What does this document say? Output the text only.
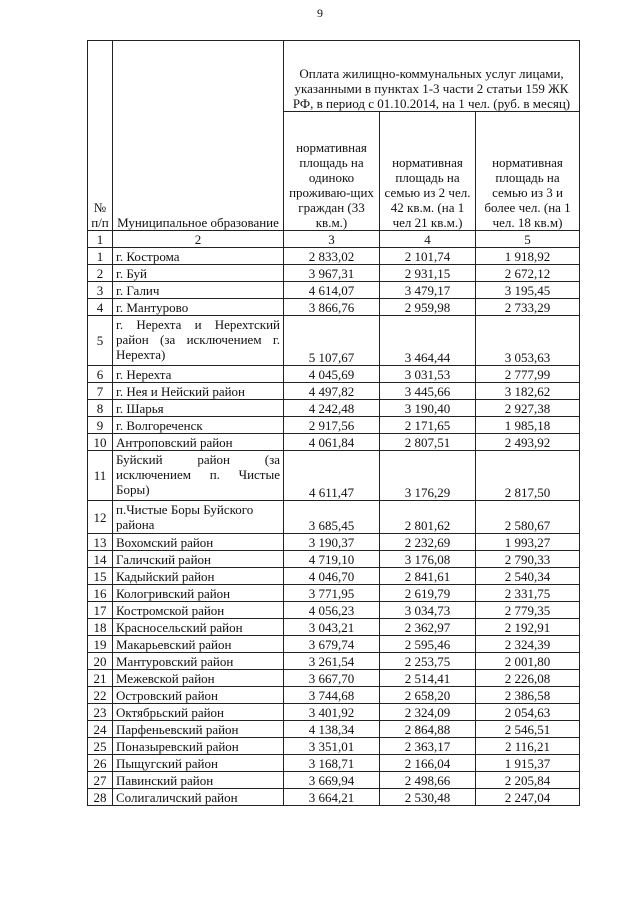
9
№ п/п	Муниципальное образование	Оплата жилищно-коммунальных услуг лицами, указанными в пунктах 1-3 части 2 статьи 159 ЖК РФ, в период с 01.10.2014, на 1 чел. (руб. в месяц)		
		нормативная площадь на одиноко проживаю-щих граждан (33 кв.м.)	нормативная площадь на семью из 2 чел. 42 кв.м. (на 1 чел 21 кв.м.)	нормативная площадь на семью из 3 и более чел. (на 1 чел. 18 кв.м)
1	2	3	4	5
1	г. Кострома	2 833,02	2 101,74	1 918,92
2	г. Буй	3 967,31	2 931,15	2 672,12
3	г. Галич	4 614,07	3 479,17	3 195,45
4	г. Мантурово	3 866,76	2 959,98	2 733,29
5	г. Нерехта и Нерехтский район (за исключением г. Нерехта)	5 107,67	3 464,44	3 053,63
6	г. Нерехта	4 045,69	3 031,53	2 777,99
7	г. Нея и Нейский район	4 497,82	3 445,66	3 182,62
8	г. Шарья	4 242,48	3 190,40	2 927,38
9	г. Волгореченск	2 917,56	2 171,65	1 985,18
10	Антроповский район	4 061,84	2 807,51	2 493,92
11	Буйский район (за исключением п. Чистые Боры)	4 611,47	3 176,29	2 817,50
12	п.Чистые Боры Буйского района	3 685,45	2 801,62	2 580,67
13	Вохомский район	3 190,37	2 232,69	1 993,27
14	Галичский район	4 719,10	3 176,08	2 790,33
15	Кадыйский район	4 046,70	2 841,61	2 540,34
16	Кологривский район	3 771,95	2 619,79	2 331,75
17	Костромской район	4 056,23	3 034,73	2 779,35
18	Красносельский район	3 043,21	2 362,97	2 192,91
19	Макарьевский район	3 679,74	2 595,46	2 324,39
20	Мантуровский район	3 261,54	2 253,75	2 001,80
21	Межевской район	3 667,70	2 514,41	2 226,08
22	Островский район	3 744,68	2 658,20	2 386,58
23	Октябрьский район	3 401,92	2 324,09	2 054,63
24	Парфеньевский район	4 138,34	2 864,88	2 546,51
25	Поназыревский район	3 351,01	2 363,17	2 116,21
26	Пыщугский район	3 168,71	2 166,04	1 915,37
27	Павинский район	3 669,94	2 498,66	2 205,84
28	Солигаличский район	3 664,21	2 530,48	2 247,04
